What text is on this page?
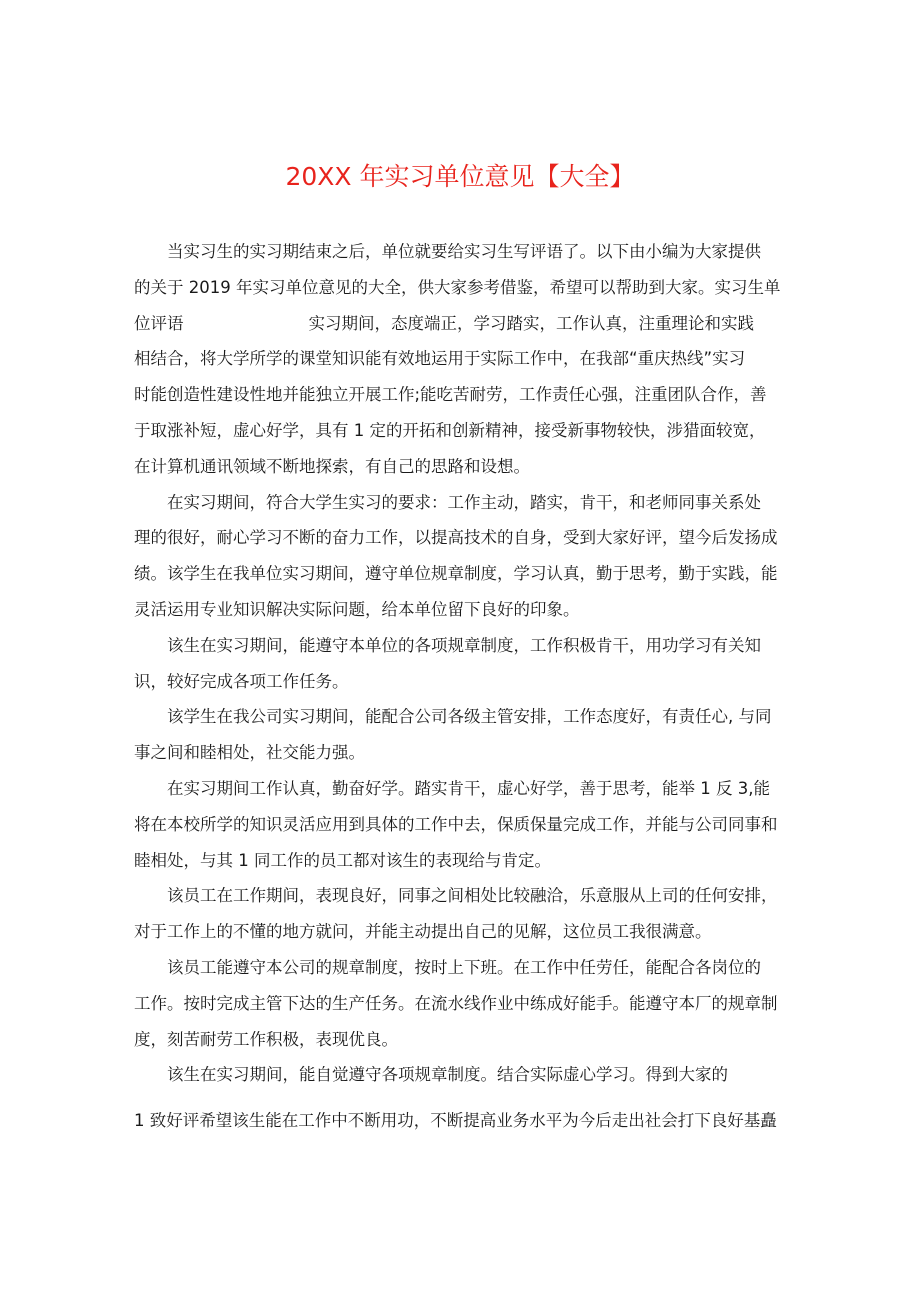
20XX 年实习单位意见【大全】
当实习生的实习期结束之后，单位就要给实习生写评语了。以下由小编为大家提供
的关于 2019 年实习单位意见的大全，供大家参考借鉴，希望可以帮助到大家。实习生单
位评语	实习期间，态度端正，学习踏实，工作认真，注重理论和实践
相结合，将大学所学的课堂知识能有效地运用于实际工作中，在我部“重庆热线”实习
时能创造性建设性地并能独立开展工作;能吃苦耐劳，工作责任心强，注重团队合作，善
于取涨补短，虚心好学，具有 1 定的开拓和创新精神，接受新事物较快，涉猎面较宽，
在计算机通讯领域不断地探索，有自己的思路和设想。
在实习期间，符合大学生实习的要求：工作主动，踏实，肯干，和老师同事关系处
理的很好，耐心学习不断的奋力工作，以提高技术的自身，受到大家好评，望今后发扬成
绩。该学生在我单位实习期间，遵守单位规章制度，学习认真，勤于思考，勤于实践，能
灵活运用专业知识解决实际问题，给本单位留下良好的印象。
该生在实习期间，能遵守本单位的各项规章制度，工作积极肯干，用功学习有关知
识，较好完成各项工作任务。
该学生在我公司实习期间，能配合公司各级主管安排，工作态度好，有责任心, 与同
事之间和睦相处，社交能力强。
在实习期间工作认真，勤奋好学。踏实肯干，虚心好学，善于思考，能举 1 反 3,能
将在本校所学的知识灵活应用到具体的工作中去，保质保量完成工作，并能与公司同事和
睦相处，与其 1 同工作的员工都对该生的表现给与肯定。
该员工在工作期间，表现良好，同事之间相处比较融洽，乐意服从上司的任何安排，
对于工作上的不懂的地方就问，并能主动提出自己的见解，这位员工我很满意。
该员工能遵守本公司的规章制度，按时上下班。在工作中任劳任，能配合各岗位的
工作。按时完成主管下达的生产任务。在流水线作业中练成好能手。能遵守本厂的规章制
度，刻苦耐劳工作积极，表现优良。
该生在实习期间，能自觉遵守各项规章制度。结合实际虚心学习。得到大家的
1 致好评希望该生能在工作中不断用功，不断提高业务水平为今后走出社会打下良好基矗
